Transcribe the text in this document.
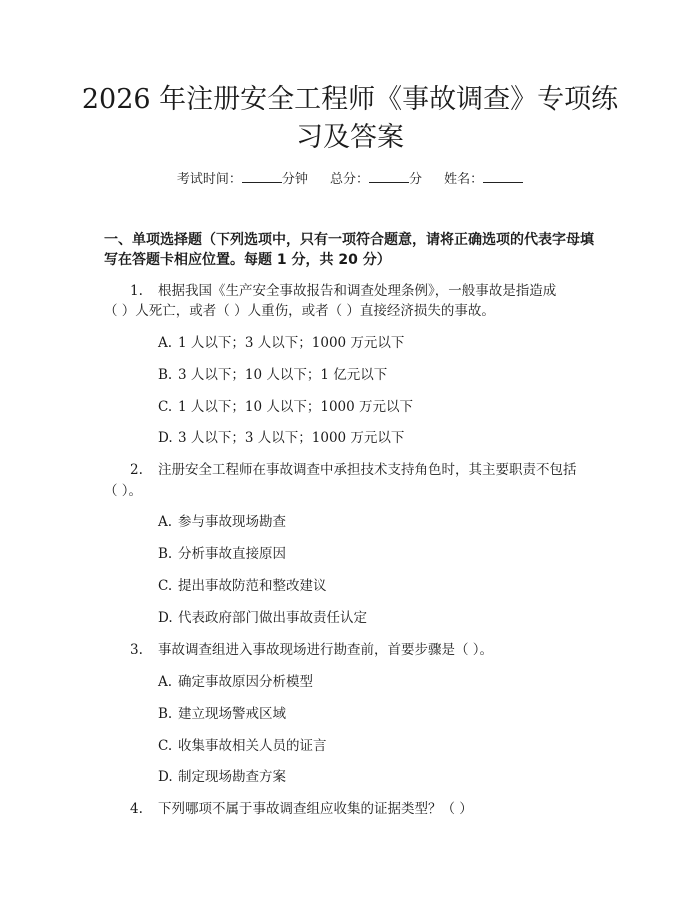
2026 年注册安全工程师《事故调查》专项练
习及答案
考试时间：	分钟 总分：	分 姓名：
一、单项选择题（下列选项中，只有一项符合题意，请将正确选项的代表字母填
写在答题卡相应位置。每题 1 分，共 20 分）
1. 根据我国《生产安全事故报告和调查处理条例》，一般事故是指造成
（ ）人死亡，或者（ ）人重伤，或者（ ）直接经济损失的事故。
A. 1 人以下；3 人以下；1000 万元以下
B. 3 人以下；10 人以下；1 亿元以下
C. 1 人以下；10 人以下；1000 万元以下
D. 3 人以下；3 人以下；1000 万元以下
2. 注册安全工程师在事故调查中承担技术支持角色时，其主要职责不包括
（ ）。
A. 参与事故现场勘查
B. 分析事故直接原因
C. 提出事故防范和整改建议
D. 代表政府部门做出事故责任认定
3. 事故调查组进入事故现场进行勘查前，首要步骤是（ ）。
A. 确定事故原因分析模型
B. 建立现场警戒区域
C. 收集事故相关人员的证言
D. 制定现场勘查方案
4. 下列哪项不属于事故调查组应收集的证据类型？（ ）
